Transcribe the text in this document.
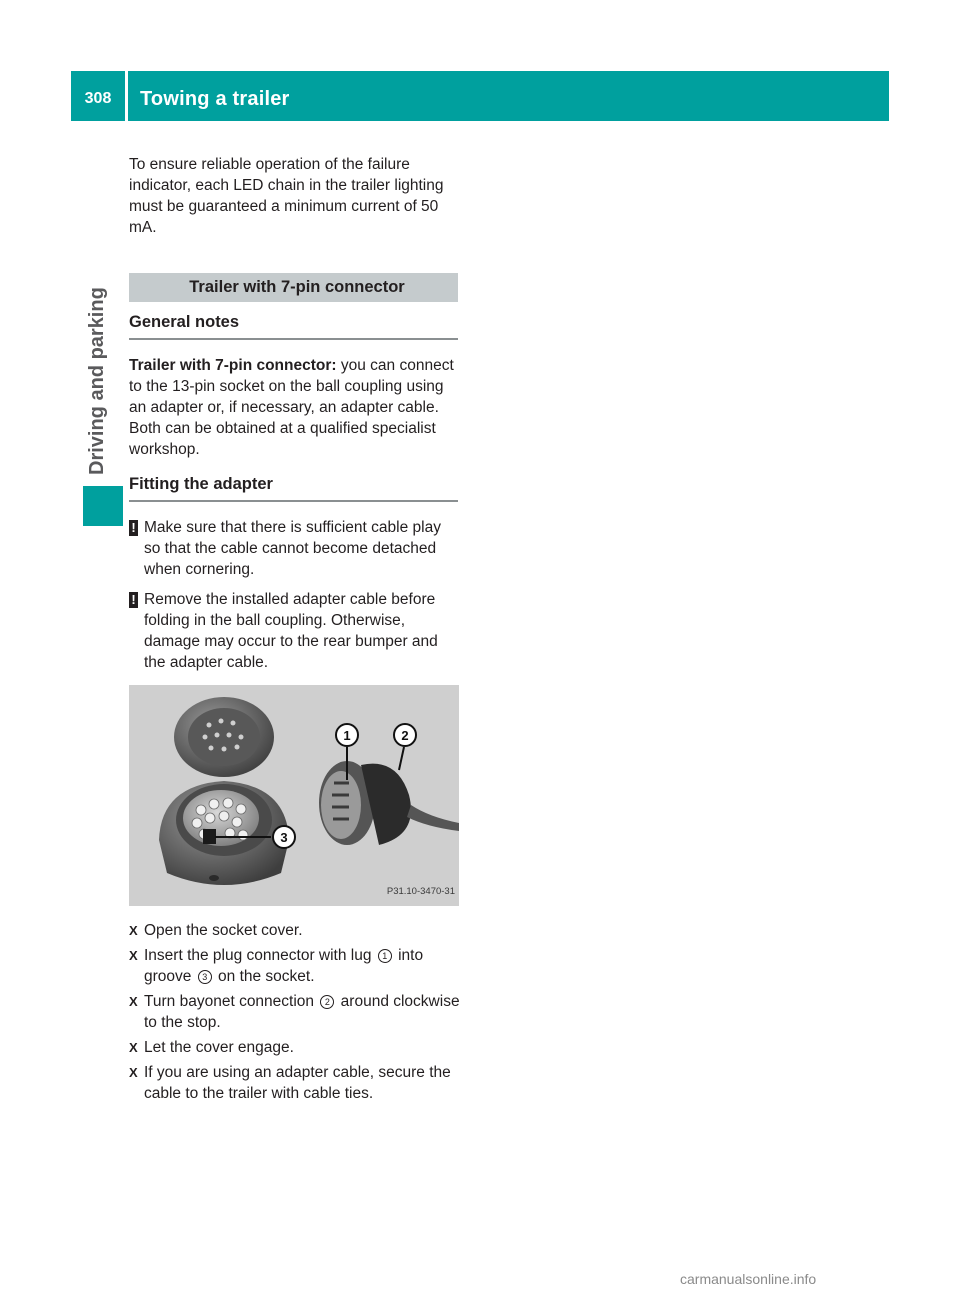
308	Towing a trailer
Driving and parking

To ensure reliable operation of the failure indicator, each LED chain in the trailer lighting must be guaranteed a minimum current of 50 mA.

Trailer with 7-pin connector
General notes

Trailer with 7-pin connector: you can connect to the 13-pin socket on the ball coupling using an adapter or, if necessary, an adapter cable. Both can be obtained at a qualified specialist workshop.

Fitting the adapter

! Make sure that there is sufficient cable play so that the cable cannot become detached when cornering.

! Remove the installed adapter cable before folding in the ball coupling. Otherwise, damage may occur to the rear bumper and the adapter cable.

3
1	2
P31.10-3470-31
X Open the socket cover.
X Insert the plug connector with lug 1 into groove 3 on the socket.
X Turn bayonet connection 2 around clockwise to the stop.
X Let the cover engage.
X If you are using an adapter cable, secure the cable to the trailer with cable ties.
carmanualsonline.info
